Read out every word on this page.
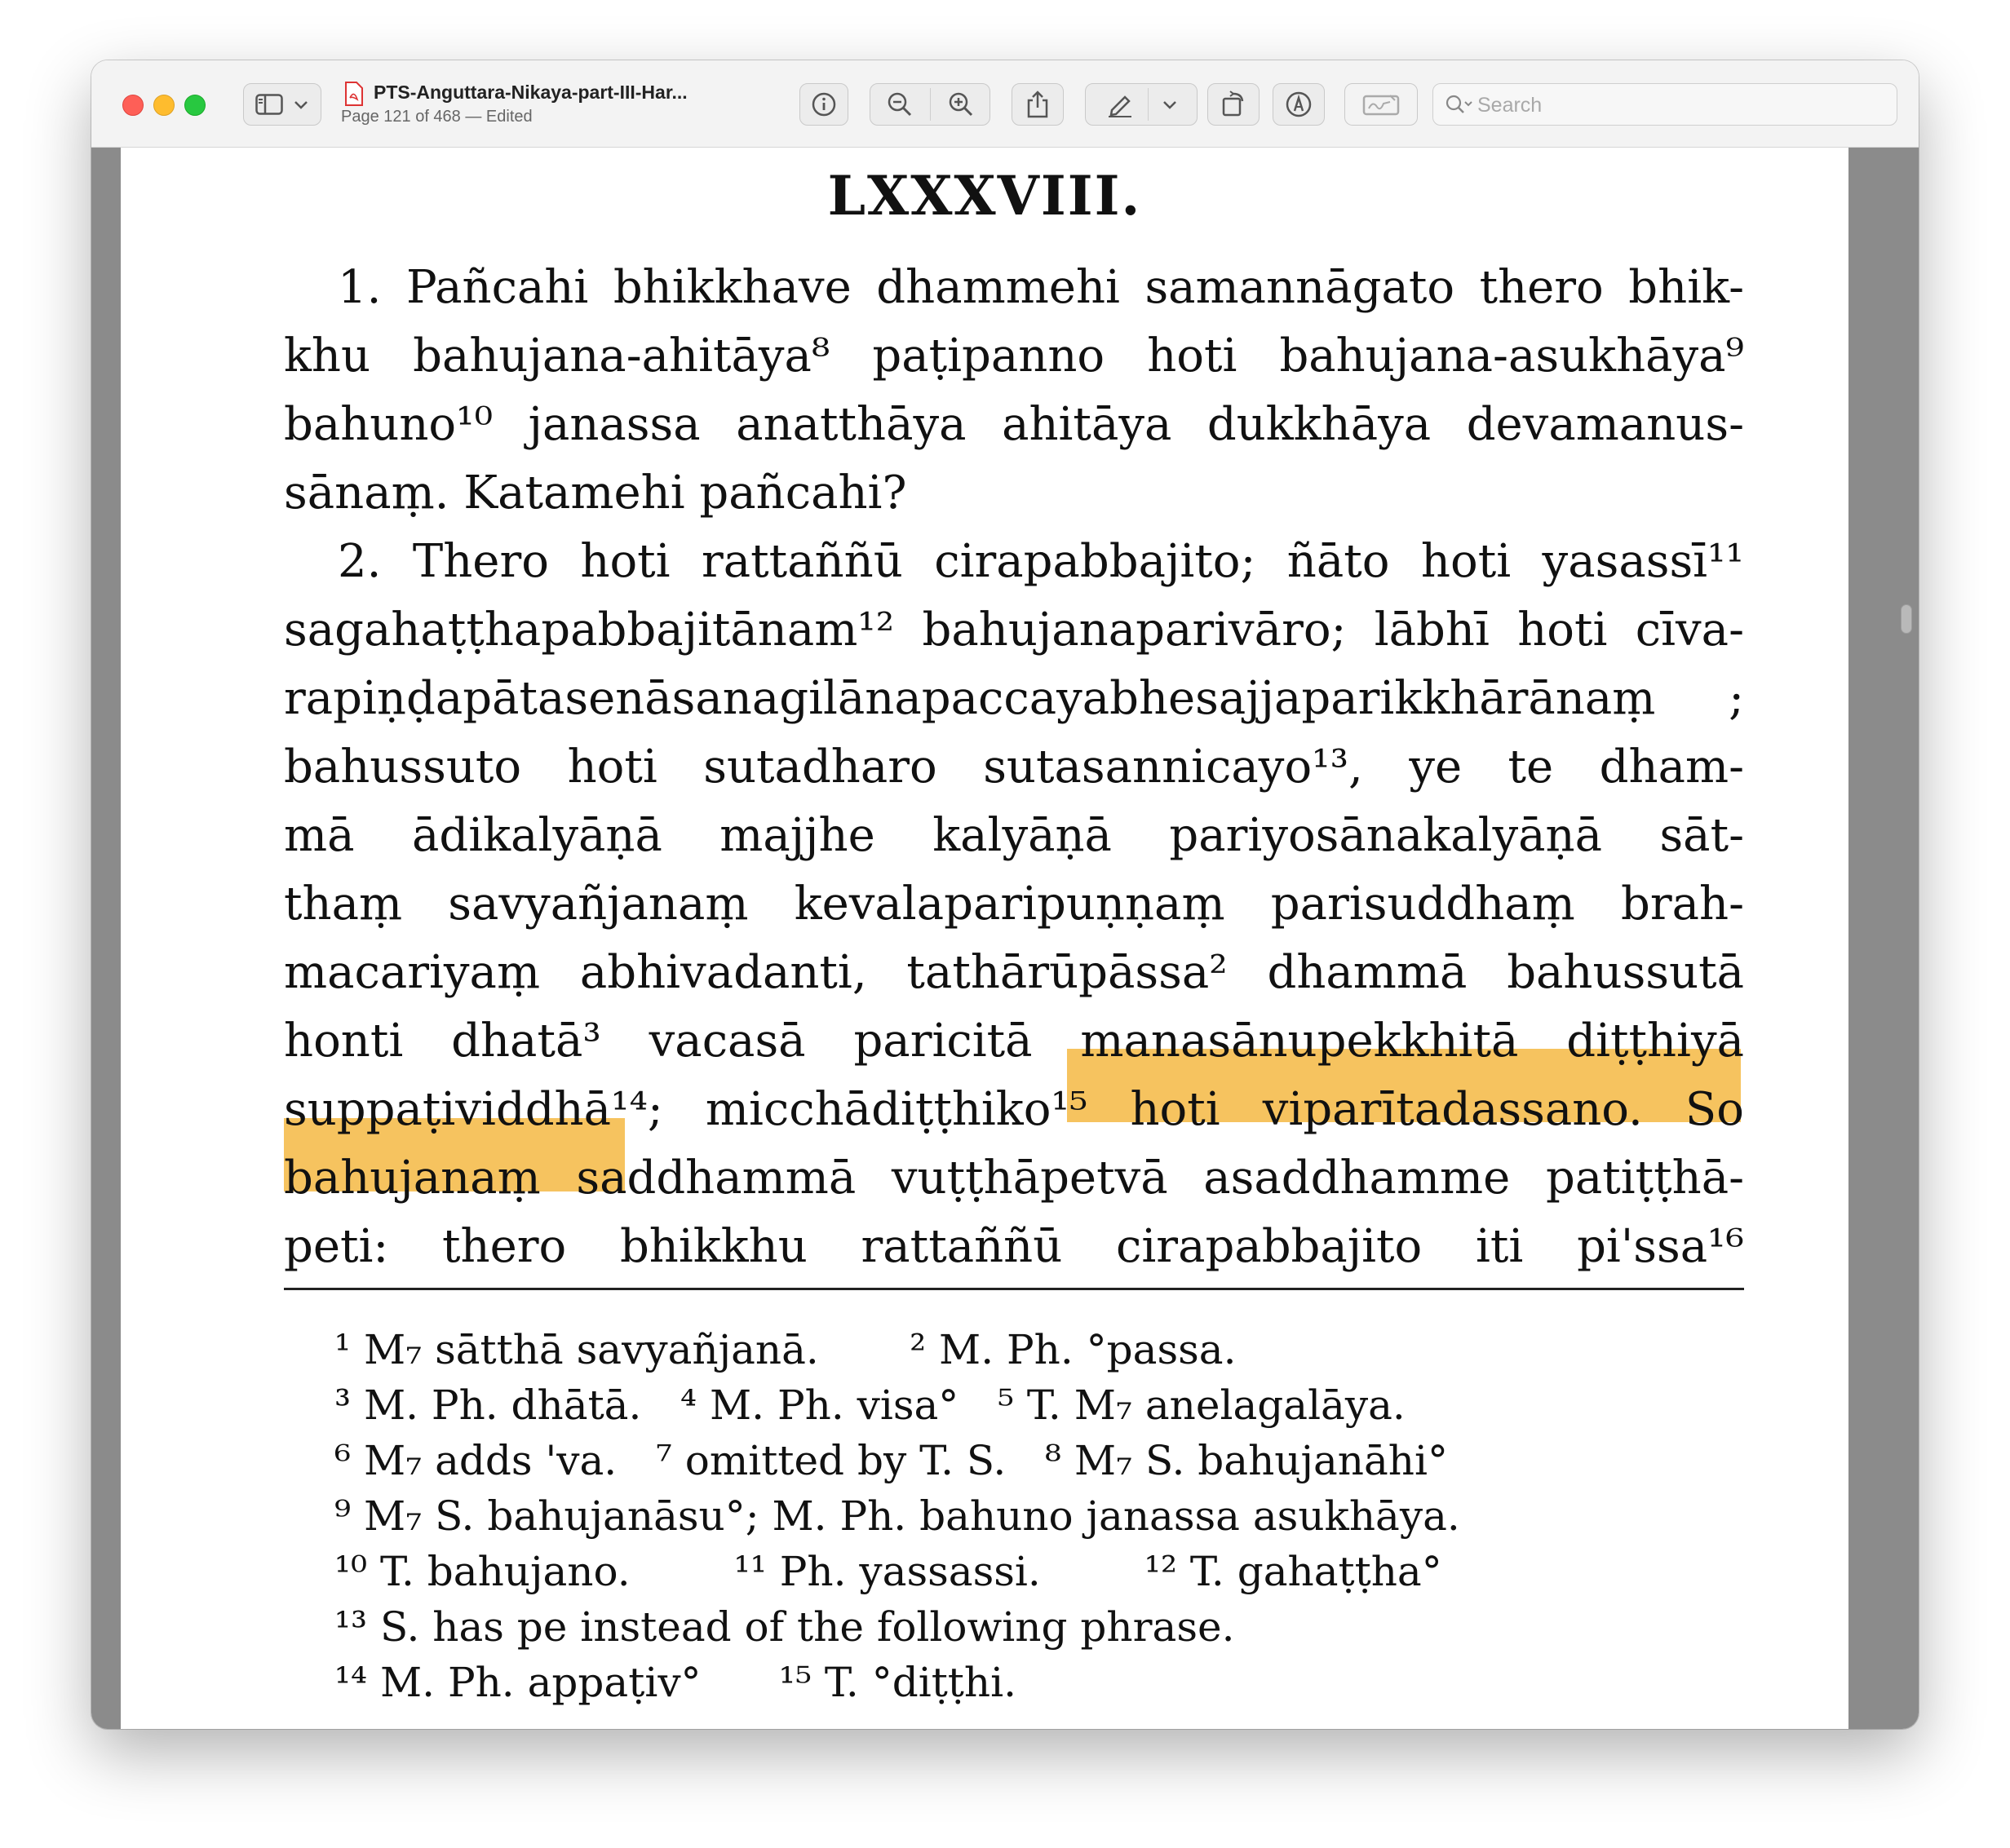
PTS-Anguttara-Nikaya-part-III-Har...
Page 121 of 468 — Edited
Search
LXXXVIII.
1. Pañcahi bhikkhave dhammehi samannāgato thero bhik-
khu bahujana-ahitāya⁸ paṭipanno hoti bahujana-asukhāya⁹
bahuno¹⁰ janassa anatthāya ahitāya dukkhāya devamanus-
sānaṃ. Katamehi pañcahi?
2. Thero hoti rattaññū cirapabbajito; ñāto hoti yasassī¹¹
sagahaṭṭhapabbajitānam¹² bahujanaparivāro; lābhī hoti cīva-
rapiṇḍapātasenāsanagilānapaccayabhesajjaparikkhārānaṃ ;
bahussuto hoti sutadharo sutasannicayo¹³, ye te dham-
mā ādikalyāṇā majjhe kalyāṇā pariyosānakalyāṇā sāt-
thaṃ savyañjanaṃ kevalaparipuṇṇaṃ parisuddhaṃ brah-
macariyaṃ abhivadanti, tathārūpāssa² dhammā bahussutā
honti dhatā³ vacasā paricitā manasānupekkhitā diṭṭhiyā
suppaṭividdhā¹⁴; micchādiṭṭhiko¹⁵ hoti viparītadassano. So
bahujanaṃ saddhammā vuṭṭhāpetvā asaddhamme patiṭṭhā-
peti: thero bhikkhu rattaññū cirapabbajito iti pi'ssa¹⁶
¹ M₇ sātthā savyañjanā.       ² M. Ph. °passa.
³ M. Ph. dhātā.   ⁴ M. Ph. visa°   ⁵ T. M₇ anelagalāya.
⁶ M₇ adds 'va.   ⁷ omitted by T. S.   ⁸ M₇ S. bahujanāhi°
⁹ M₇ S. bahujanāsu°; M. Ph. bahuno janassa asukhāya.
¹⁰ T. bahujano.        ¹¹ Ph. yassassi.        ¹² T. gahaṭṭha°
¹³ S. has pe instead of the following phrase.
¹⁴ M. Ph. appaṭiv°      ¹⁵ T. °diṭṭhi.
